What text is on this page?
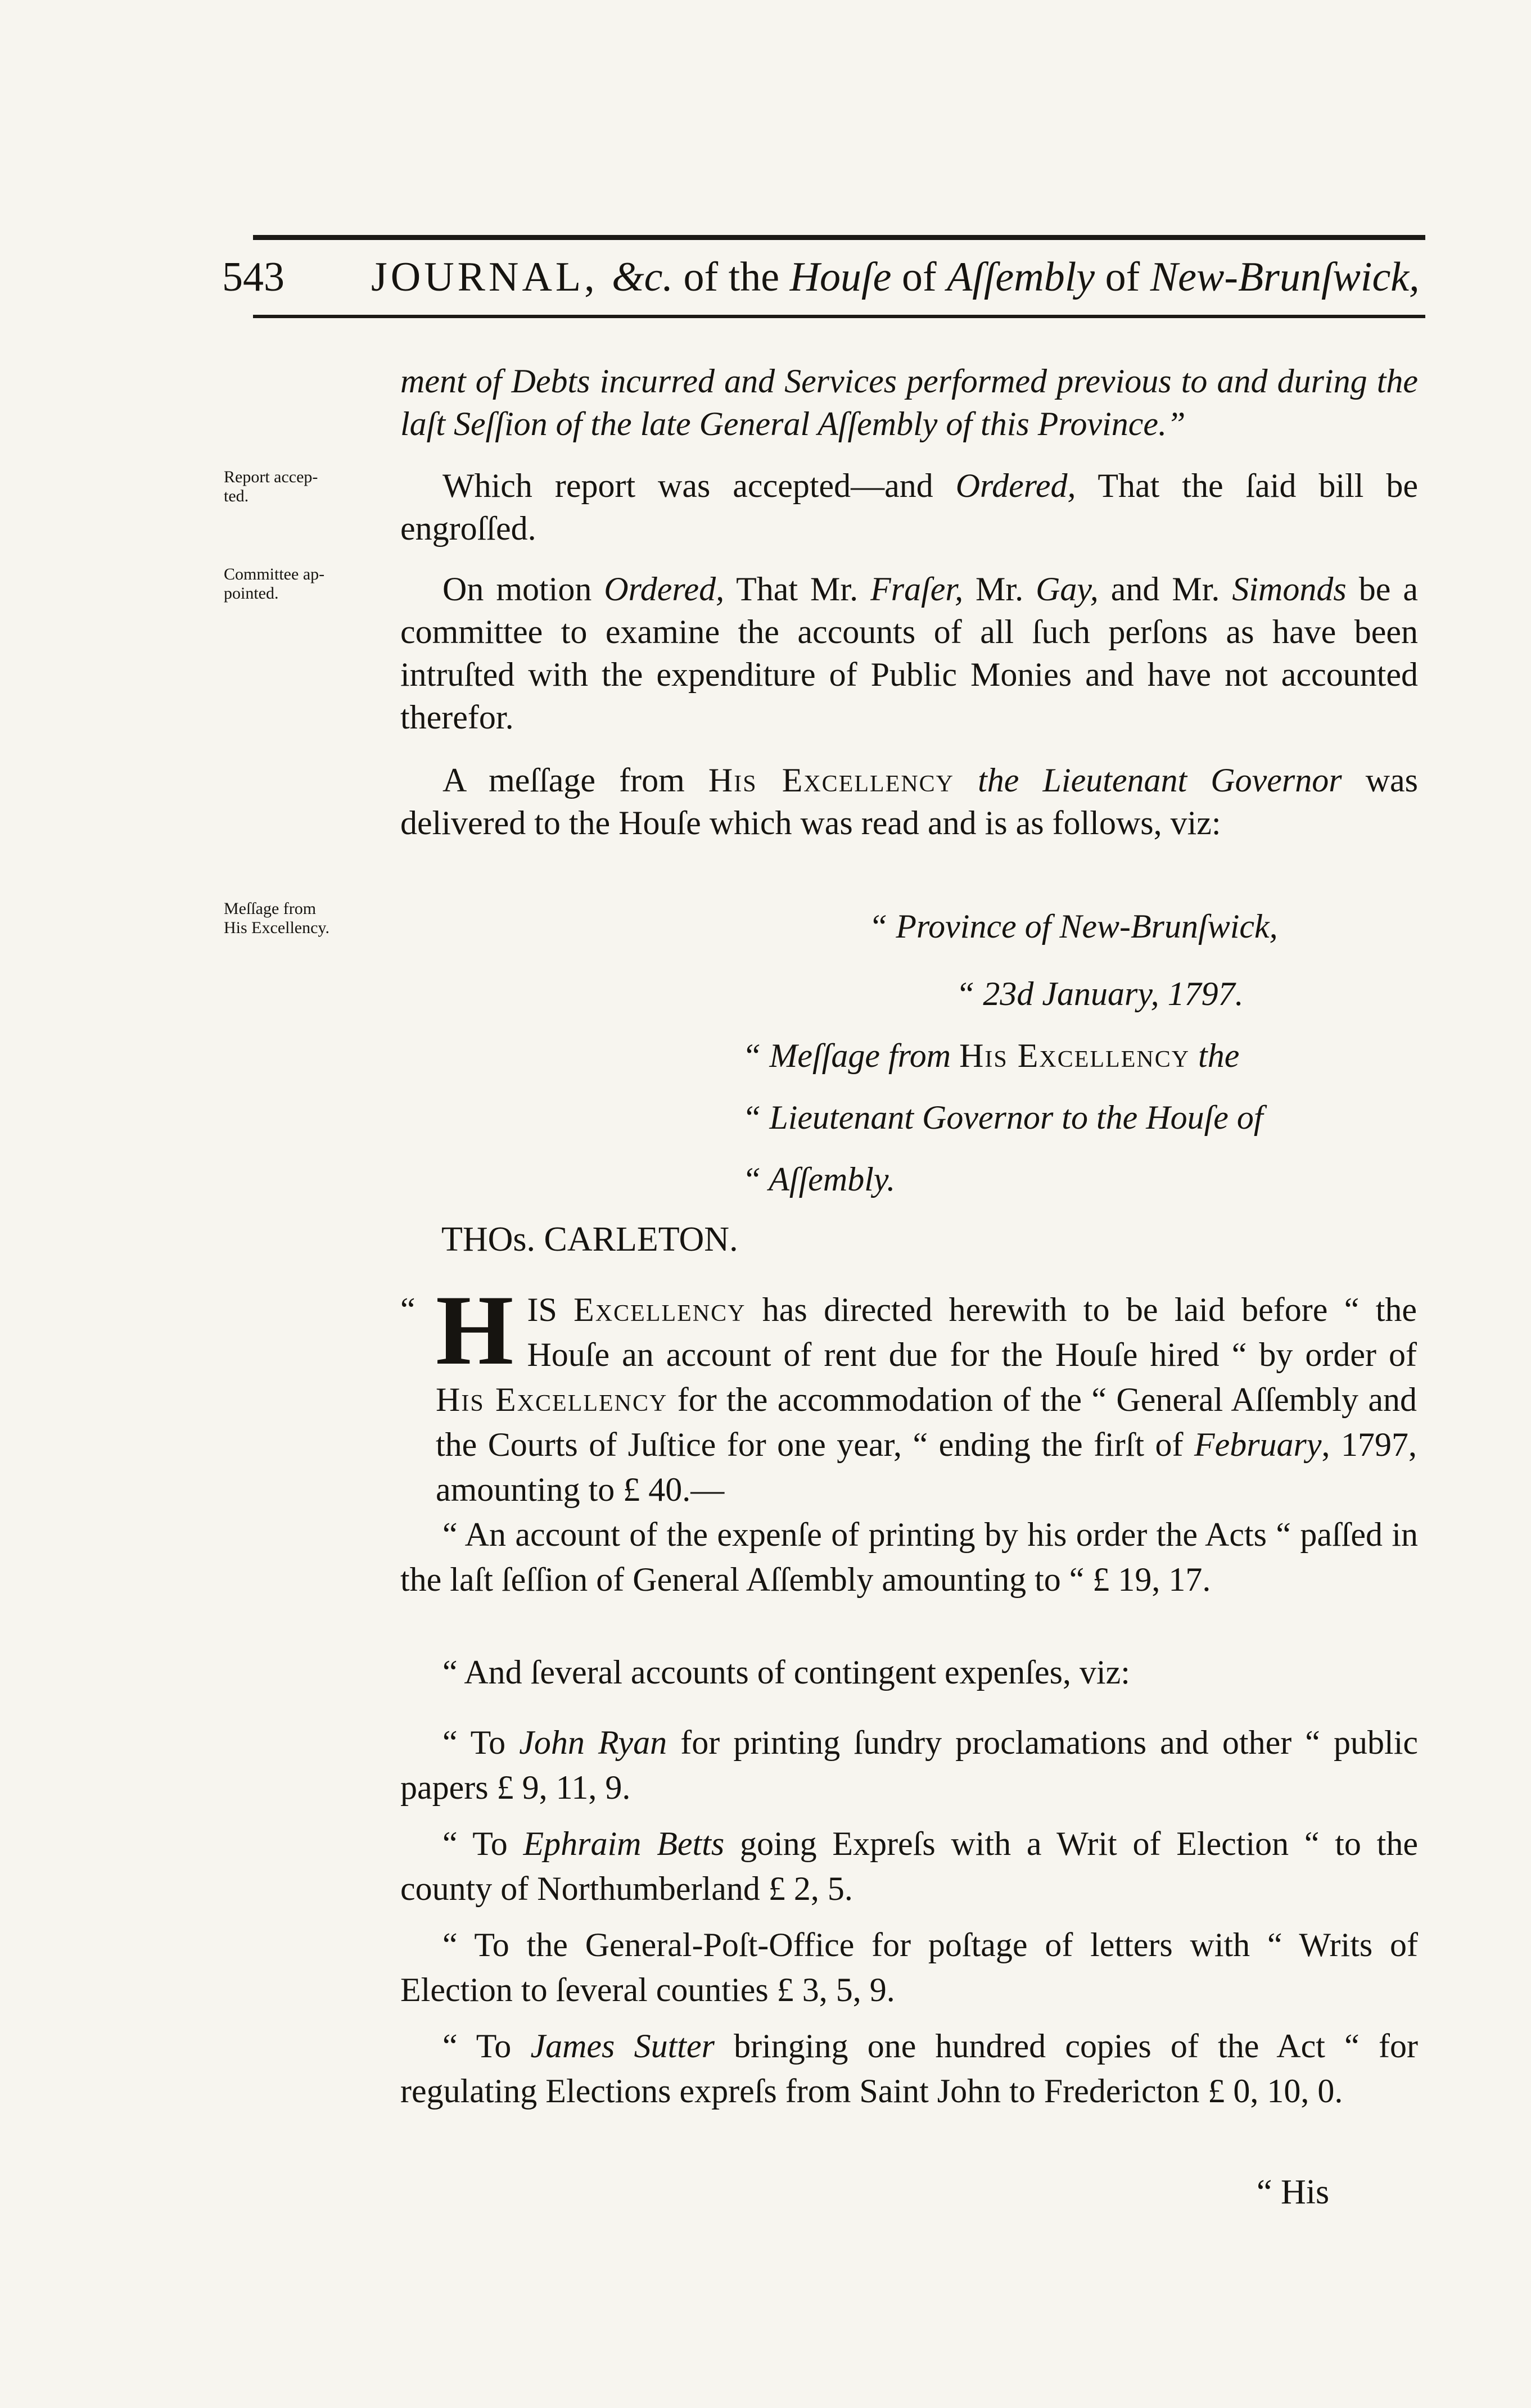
543 JOURNAL, &c. of the Houſe of Aſſembly of New-Brunſwick,
Report accep-
ted.
Committee ap-
pointed.
Meſſage from
His Excellency.
ment of Debts incurred and Services performed previous to and during the laſt Seſſion of the late General Aſſembly of this Province.”
Which report was accepted—and Ordered, That the ſaid bill be engroſſed.
On motion Ordered, That Mr. Fraſer, Mr. Gay, and Mr. Simonds be a committee to examine the accounts of all ſuch perſons as have been intruſted with the expenditure of Public Monies and have not accounted therefor.
A meſſage from His Excellency the Lieutenant Governor was delivered to the Houſe which was read and is as follows, viz:
“ Province of New-Brunſwick,
“ 23d January, 1797.
“ Meſſage from His Excellency the
“ Lieutenant Governor to the Houſe of
“ Aſſembly.
THOs. CARLETON.
“ HIS Excellency has directed herewith to be laid before “ the Houſe an account of rent due for the Houſe hired “ by order of His Excellency for the accommodation of the “ General Aſſembly and the Courts of Juſtice for one year, “ ending the firſt of February, 1797, amounting to £ 40.—
“ An account of the expenſe of printing by his order the Acts “ paſſed in the laſt ſeſſion of General Aſſembly amounting to “ £ 19, 17.
“ And ſeveral accounts of contingent expenſes, viz:
“ To John Ryan for printing ſundry proclamations and other “ public papers £ 9, 11, 9.
“ To Ephraim Betts going Expreſs with a Writ of Election “ to the county of Northumberland £ 2, 5.
“ To the General-Poſt-Office for poſtage of letters with “ Writs of Election to ſeveral counties £ 3, 5, 9.
“ To James Sutter bringing one hundred copies of the Act “ for regulating Elections expreſs from Saint John to Fredericton £ 0, 10, 0.
“ His
